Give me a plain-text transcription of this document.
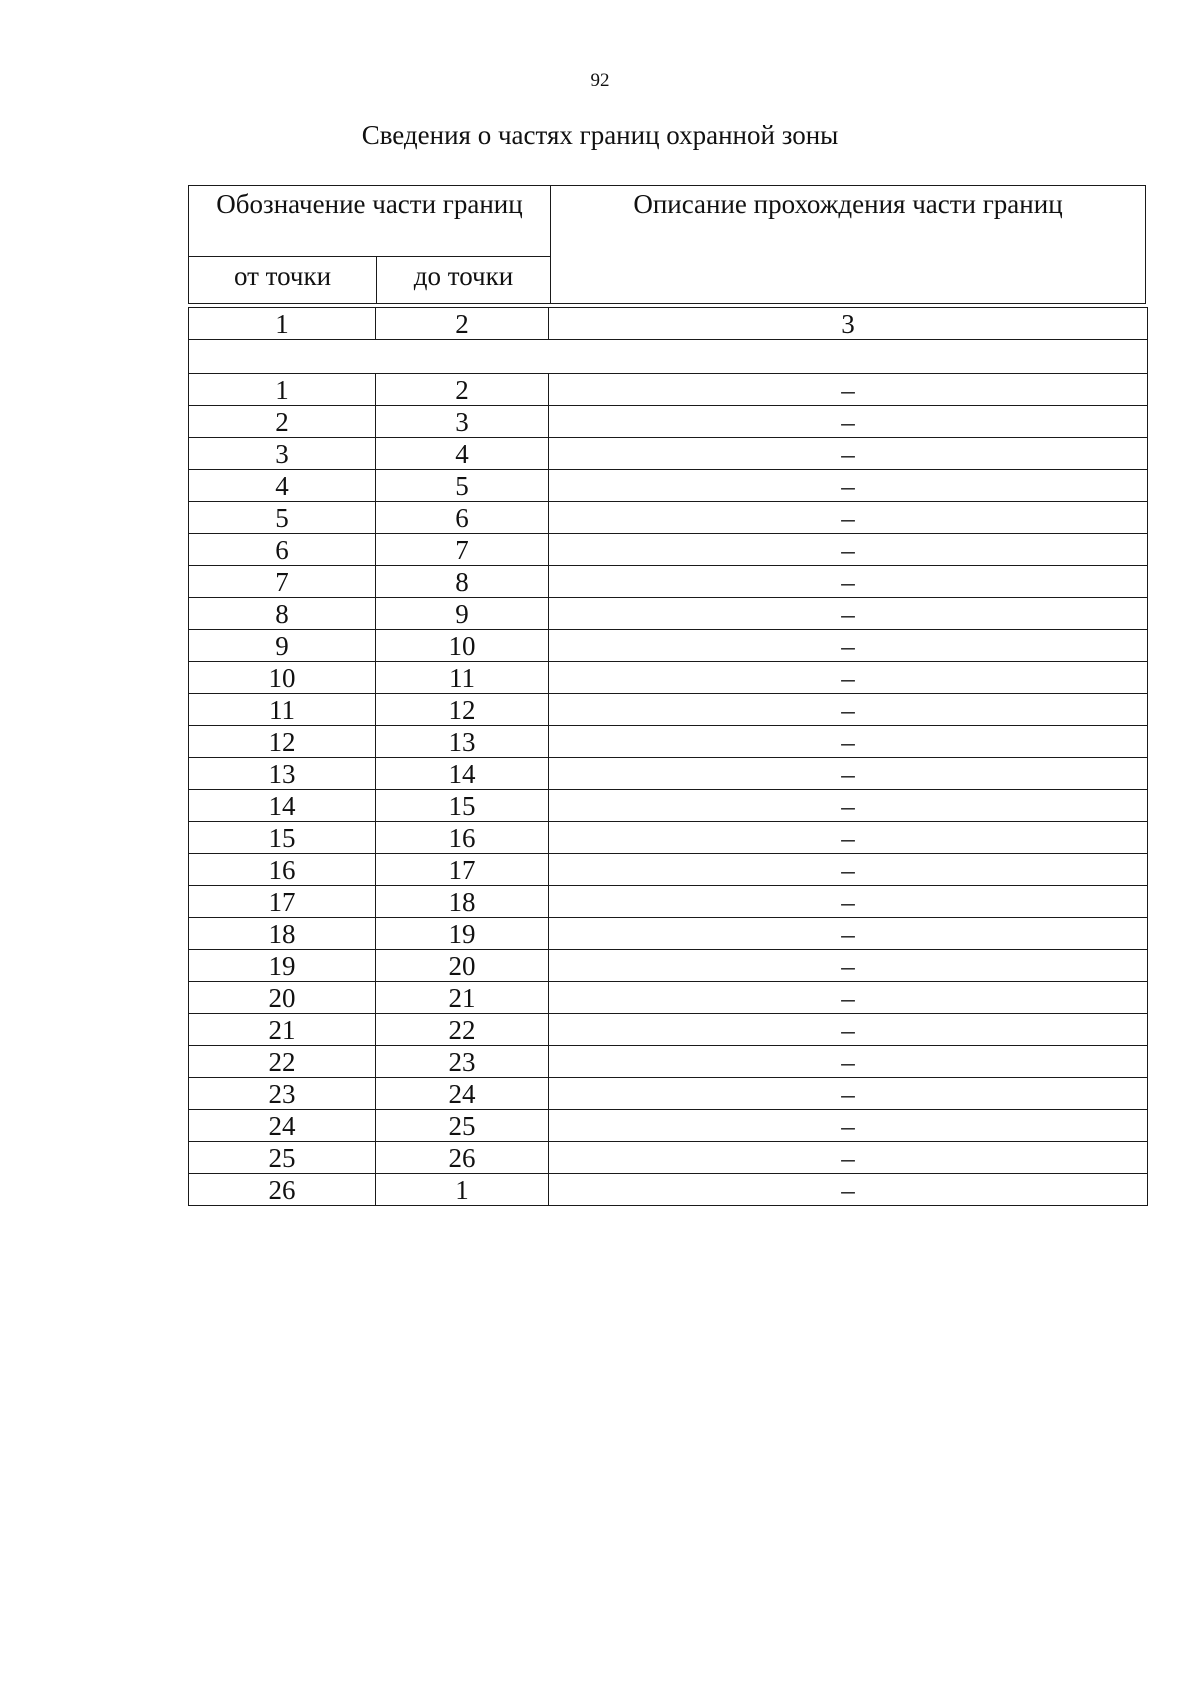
92
Сведения о частях границ охранной зоны
Обозначение части границ		Описание прохождения части границ
от точки	до точки	
1	2	3

1	2	–
2	3	–
3	4	–
4	5	–
5	6	–
6	7	–
7	8	–
8	9	–
9	10	–
10	11	–
11	12	–
12	13	–
13	14	–
14	15	–
15	16	–
16	17	–
17	18	–
18	19	–
19	20	–
20	21	–
21	22	–
22	23	–
23	24	–
24	25	–
25	26	–
26	1	–
